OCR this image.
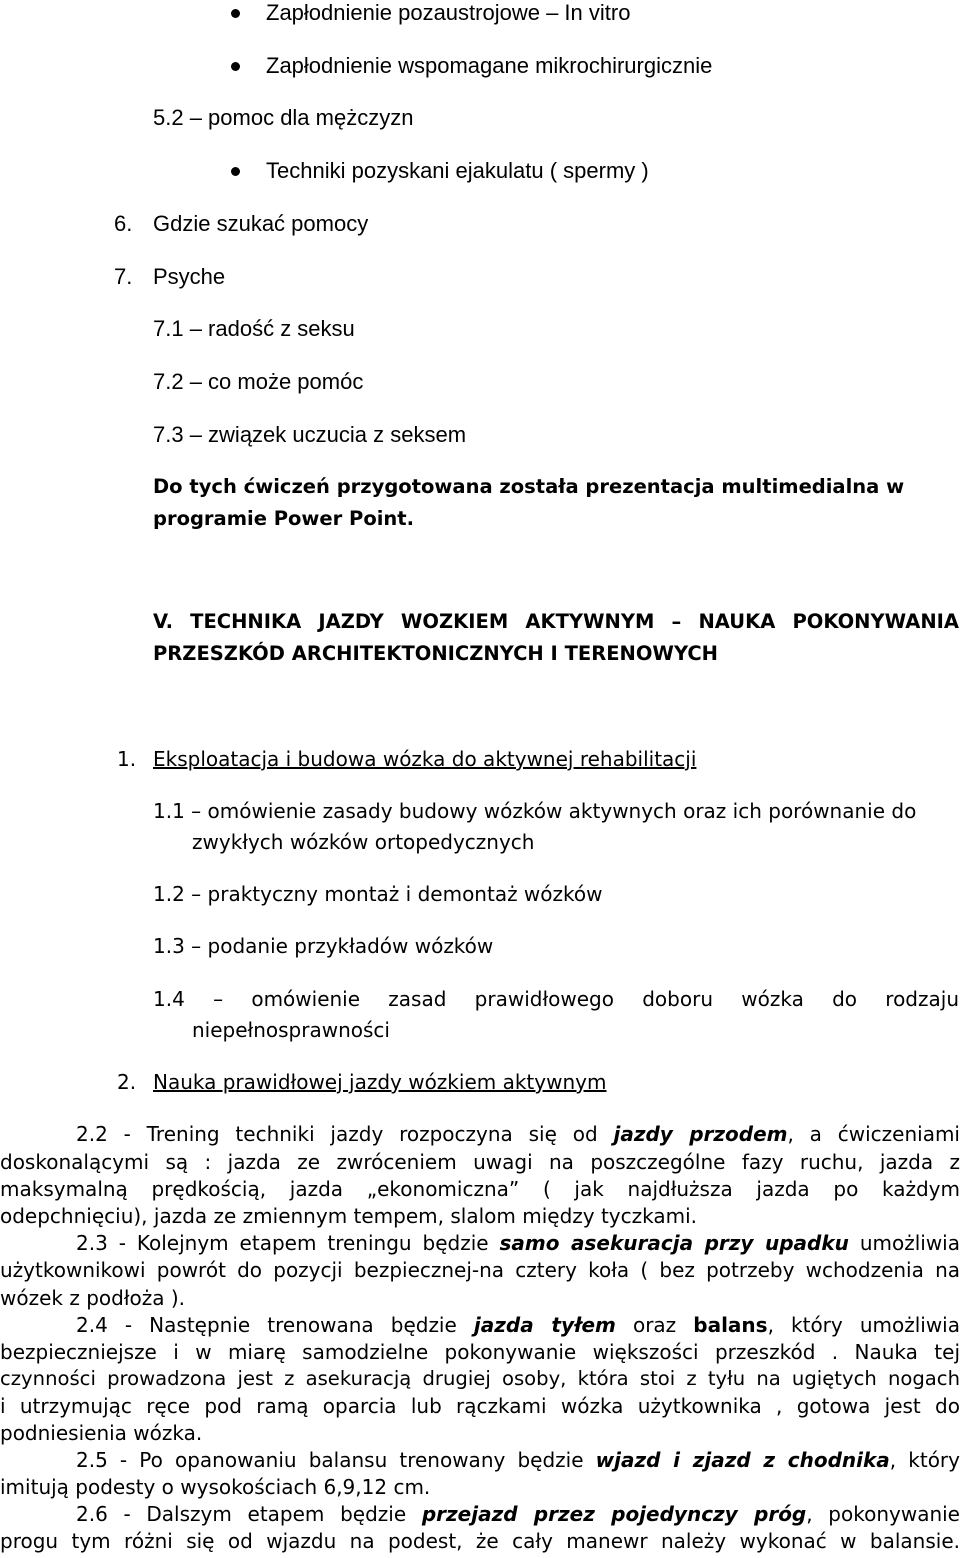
Zapłodnienie pozaustrojowe – In vitro
Zapłodnienie wspomagane mikrochirurgicznie
5.2 – pomoc dla mężczyzn
Techniki pozyskani ejakulatu ( spermy )
6. Gdzie szukać pomocy
7. Psyche
7.1 – radość z seksu
7.2 – co może pomóc
7.3 – związek uczucia z seksem
Do tych ćwiczeń przygotowana została prezentacja multimedialna w
programie Power Point.
V. TECHNIKA JAZDY WOZKIEM AKTYWNYM – NAUKA POKONYWANIA
PRZESZKÓD ARCHITEKTONICZNYCH I TERENOWYCH
1. Eksploatacja i budowa wózka do aktywnej rehabilitacji
1.1 – omówienie zasady budowy wózków aktywnych oraz ich porównanie do
zwykłych wózków ortopedycznych
1.2 – praktyczny montaż i demontaż wózków
1.3 – podanie przykładów wózków
1.4 – omówienie zasad prawidłowego doboru wózka do rodzaju
niepełnosprawności
2. Nauka prawidłowej jazdy wózkiem aktywnym
2.2 - Trening techniki jazdy rozpoczyna się od jazdy przodem, a ćwiczeniami
doskonalącymi są : jazda ze zwróceniem uwagi na poszczególne fazy ruchu, jazda z
maksymalną prędkością, jazda „ekonomiczna” ( jak najdłuższa jazda po każdym
odepchnięciu), jazda ze zmiennym tempem, slalom między tyczkami.
2.3 - Kolejnym etapem treningu będzie samo asekuracja przy upadku umożliwia
użytkownikowi powrót do pozycji bezpiecznej-na cztery koła ( bez potrzeby wchodzenia na
wózek z podłoża ).
2.4 - Następnie trenowana będzie jazda tyłem oraz balans, który umożliwia
bezpieczniejsze i w miarę samodzielne pokonywanie większości przeszkód . Nauka tej
czynności prowadzona jest z asekuracją drugiej osoby, która stoi z tyłu na ugiętych nogach
i utrzymując ręce pod ramą oparcia lub rączkami wózka użytkownika , gotowa jest do
podniesienia wózka.
2.5 - Po opanowaniu balansu trenowany będzie wjazd i zjazd z chodnika, który
imitują podesty o wysokościach 6,9,12 cm.
2.6 - Dalszym etapem będzie przejazd przez pojedynczy próg, pokonywanie
progu tym różni się od wjazdu na podest, że cały manewr należy wykonać w balansie.
